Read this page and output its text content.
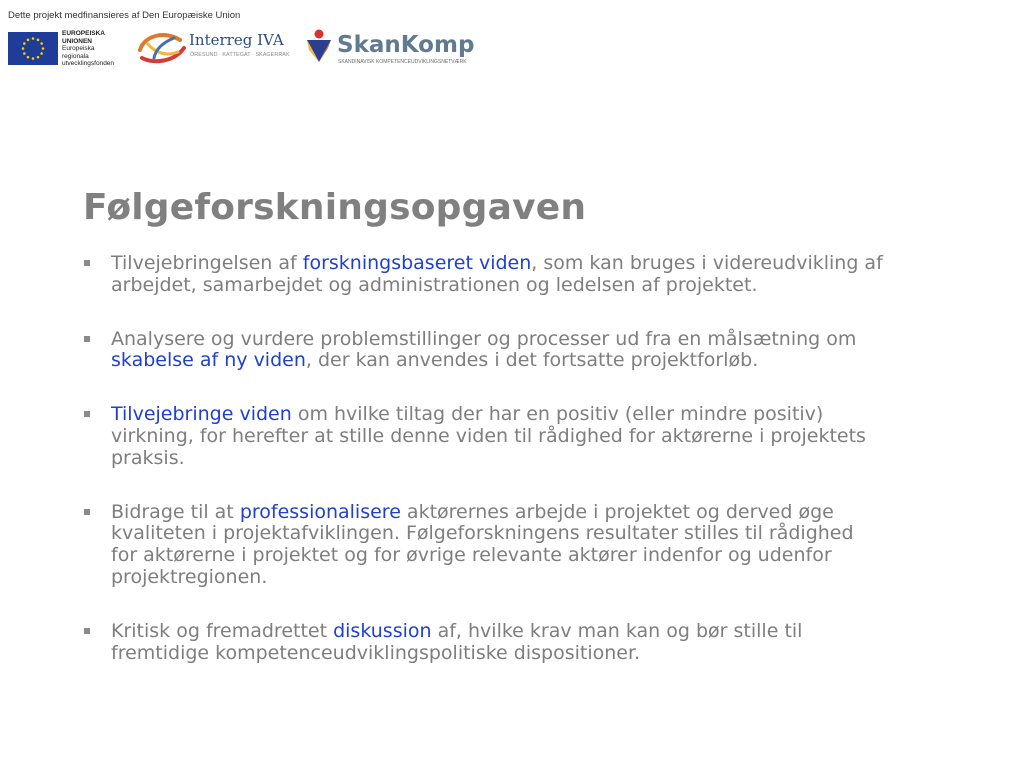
Dette projekt medfinansieres af Den Europæiske Union
EUROPEISKA
UNIONEN
Europeiska
regionala
utvecklingsfonden
Interreg IVA
ÖRESUND · KATTEGAT · SKAGERRAK SkanKomp
SKANDINAVISK KOMPETENCEUDVIKLINGSNETVÆRK
Følgeforskningsopgaven
Tilvejebringelsen af forskningsbaseret viden, som kan bruges i videreudvikling af arbejdet, samarbejdet og administrationen og ledelsen af projektet.
Analysere og vurdere problemstillinger og processer ud fra en målsætning om skabelse af ny viden, der kan anvendes i det fortsatte projektforløb.
Tilvejebringe viden om hvilke tiltag der har en positiv (eller mindre positiv) virkning, for herefter at stille denne viden til rådighed for aktørerne i projektets praksis.
Bidrage til at professionalisere aktørernes arbejde i projektet og derved øge kvaliteten i projektafviklingen. Følgeforskningens resultater stilles til rådighed for aktørerne i projektet og for øvrige relevante aktører indenfor og udenfor projektregionen.
Kritisk og fremadrettet diskussion af, hvilke krav man kan og bør stille til fremtidige kompetenceudviklingspolitiske dispositioner.
